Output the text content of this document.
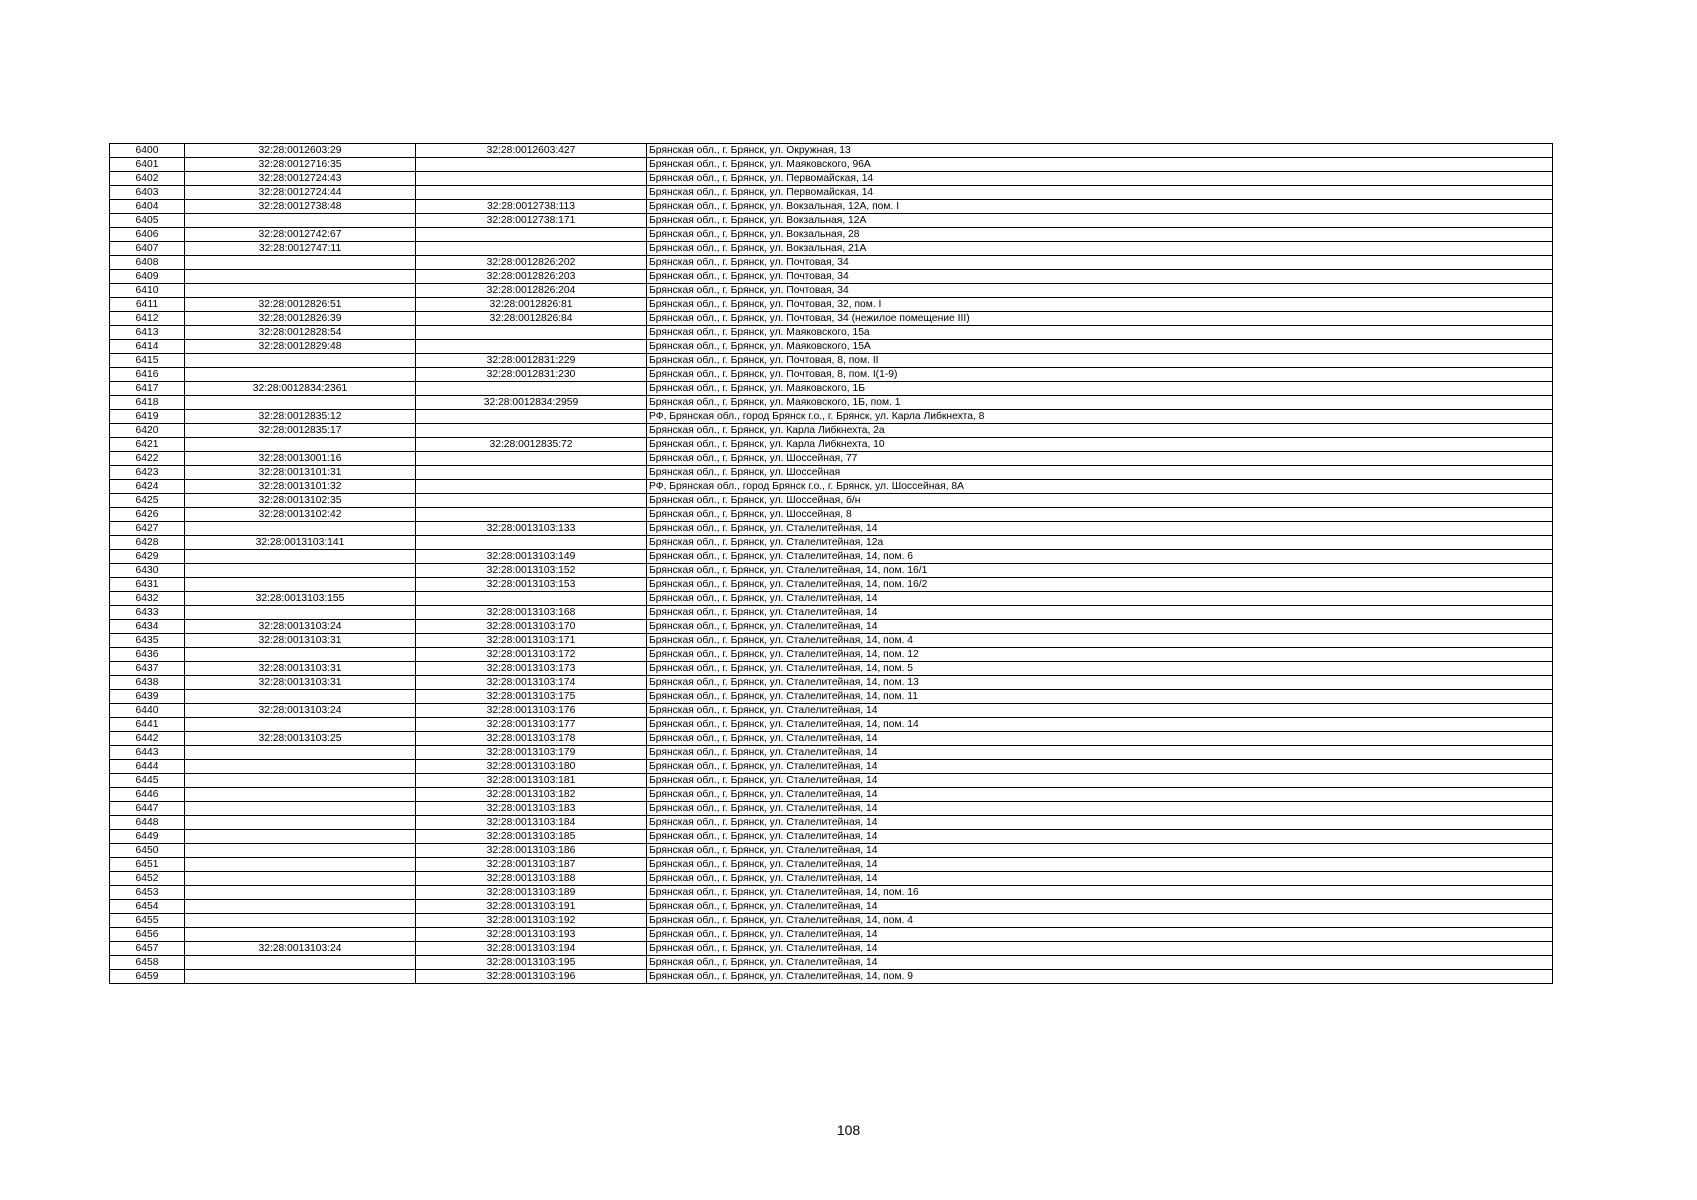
6400	32:28:0012603:29	32:28:0012603:427	Брянская обл., г. Брянск, ул. Окружная, 13
6401	32:28:0012716:35		Брянская обл., г. Брянск, ул. Маяковского, 96А
6402	32:28:0012724:43		Брянская обл., г. Брянск, ул. Первомайская, 14
6403	32:28:0012724:44		Брянская обл., г. Брянск, ул. Первомайская, 14
6404	32:28:0012738:48	32:28:0012738:113	Брянская обл., г. Брянск, ул. Вокзальная, 12А, пом. I
6405		32:28:0012738:171	Брянская обл., г. Брянск, ул. Вокзальная, 12А
6406	32:28:0012742:67		Брянская обл., г. Брянск, ул. Вокзальная, 28
6407	32:28:0012747:11		Брянская обл., г. Брянск, ул. Вокзальная, 21А
6408		32:28:0012826:202	Брянская обл., г. Брянск, ул. Почтовая, 34
6409		32:28:0012826:203	Брянская обл., г. Брянск, ул. Почтовая, 34
6410		32:28:0012826:204	Брянская обл., г. Брянск, ул. Почтовая, 34
6411	32:28:0012826:51	32:28:0012826:81	Брянская обл., г. Брянск, ул. Почтовая, 32, пом. I
6412	32:28:0012826:39	32:28:0012826:84	Брянская обл., г. Брянск, ул. Почтовая, 34 (нежилое помещение III)
6413	32:28:0012828:54		Брянская обл., г. Брянск, ул. Маяковского, 15а
6414	32:28:0012829:48		Брянская обл., г. Брянск, ул. Маяковского, 15А
6415		32:28:0012831:229	Брянская обл., г. Брянск, ул. Почтовая, 8, пом. II
6416		32:28:0012831:230	Брянская обл., г. Брянск, ул. Почтовая, 8, пом. I(1-9)
6417	32:28:0012834:2361		Брянская обл., г. Брянск, ул. Маяковского, 1Б
6418		32:28:0012834:2959	Брянская обл., г. Брянск, ул. Маяковского, 1Б, пом. 1
6419	32:28:0012835:12		РФ, Брянская обл., город Брянск г.о., г. Брянск, ул. Карла Либкнехта, 8
6420	32:28:0012835:17		Брянская обл., г. Брянск, ул. Карла Либкнехта, 2а
6421		32:28:0012835:72	Брянская обл., г. Брянск, ул. Карла Либкнехта, 10
6422	32:28:0013001:16		Брянская обл., г. Брянск, ул. Шоссейная, 77
6423	32:28:0013101:31		Брянская обл., г. Брянск, ул. Шоссейная
6424	32:28:0013101:32		РФ, Брянская обл., город Брянск г.о., г. Брянск, ул. Шоссейная, 8А
6425	32:28:0013102:35		Брянская обл., г. Брянск, ул. Шоссейная, б/н
6426	32:28:0013102:42		Брянская обл., г. Брянск, ул. Шоссейная, 8
6427		32:28:0013103:133	Брянская обл., г. Брянск, ул. Сталелитейная, 14
6428	32:28:0013103:141		Брянская обл., г. Брянск, ул. Сталелитейная, 12а
6429		32:28:0013103:149	Брянская обл., г. Брянск, ул. Сталелитейная, 14, пом. 6
6430		32:28:0013103:152	Брянская обл., г. Брянск, ул. Сталелитейная, 14, пом. 16/1
6431		32:28:0013103:153	Брянская обл., г. Брянск, ул. Сталелитейная, 14, пом. 16/2
6432	32:28:0013103:155		Брянская обл., г. Брянск, ул. Сталелитейная, 14
6433		32:28:0013103:168	Брянская обл., г. Брянск, ул. Сталелитейная, 14
6434	32:28:0013103:24	32:28:0013103:170	Брянская обл., г. Брянск, ул. Сталелитейная, 14
6435	32:28:0013103:31	32:28:0013103:171	Брянская обл., г. Брянск, ул. Сталелитейная, 14, пом. 4
6436		32:28:0013103:172	Брянская обл., г. Брянск, ул. Сталелитейная, 14, пом. 12
6437	32:28:0013103:31	32:28:0013103:173	Брянская обл., г. Брянск, ул. Сталелитейная, 14, пом. 5
6438	32:28:0013103:31	32:28:0013103:174	Брянская обл., г. Брянск, ул. Сталелитейная, 14, пом. 13
6439		32:28:0013103:175	Брянская обл., г. Брянск, ул. Сталелитейная, 14, пом. 11
6440	32:28:0013103:24	32:28:0013103:176	Брянская обл., г. Брянск, ул. Сталелитейная, 14
6441		32:28:0013103:177	Брянская обл., г. Брянск, ул. Сталелитейная, 14, пом. 14
6442	32:28:0013103:25	32:28:0013103:178	Брянская обл., г. Брянск, ул. Сталелитейная, 14
6443		32:28:0013103:179	Брянская обл., г. Брянск, ул. Сталелитейная, 14
6444		32:28:0013103:180	Брянская обл., г. Брянск, ул. Сталелитейная, 14
6445		32:28:0013103:181	Брянская обл., г. Брянск, ул. Сталелитейная, 14
6446		32:28:0013103:182	Брянская обл., г. Брянск, ул. Сталелитейная, 14
6447		32:28:0013103:183	Брянская обл., г. Брянск, ул. Сталелитейная, 14
6448		32:28:0013103:184	Брянская обл., г. Брянск, ул. Сталелитейная, 14
6449		32:28:0013103:185	Брянская обл., г. Брянск, ул. Сталелитейная, 14
6450		32:28:0013103:186	Брянская обл., г. Брянск, ул. Сталелитейная, 14
6451		32:28:0013103:187	Брянская обл., г. Брянск, ул. Сталелитейная, 14
6452		32:28:0013103:188	Брянская обл., г. Брянск, ул. Сталелитейная, 14
6453		32:28:0013103:189	Брянская обл., г. Брянск, ул. Сталелитейная, 14, пом. 16
6454		32:28:0013103:191	Брянская обл., г. Брянск, ул. Сталелитейная, 14
6455		32:28:0013103:192	Брянская обл., г. Брянск, ул. Сталелитейная, 14, пом. 4
6456		32:28:0013103:193	Брянская обл., г. Брянск, ул. Сталелитейная, 14
6457	32:28:0013103:24	32:28:0013103:194	Брянская обл., г. Брянск, ул. Сталелитейная, 14
6458		32:28:0013103:195	Брянская обл., г. Брянск, ул. Сталелитейная, 14
6459		32:28:0013103:196	Брянская обл., г. Брянск, ул. Сталелитейная, 14, пом. 9
108
